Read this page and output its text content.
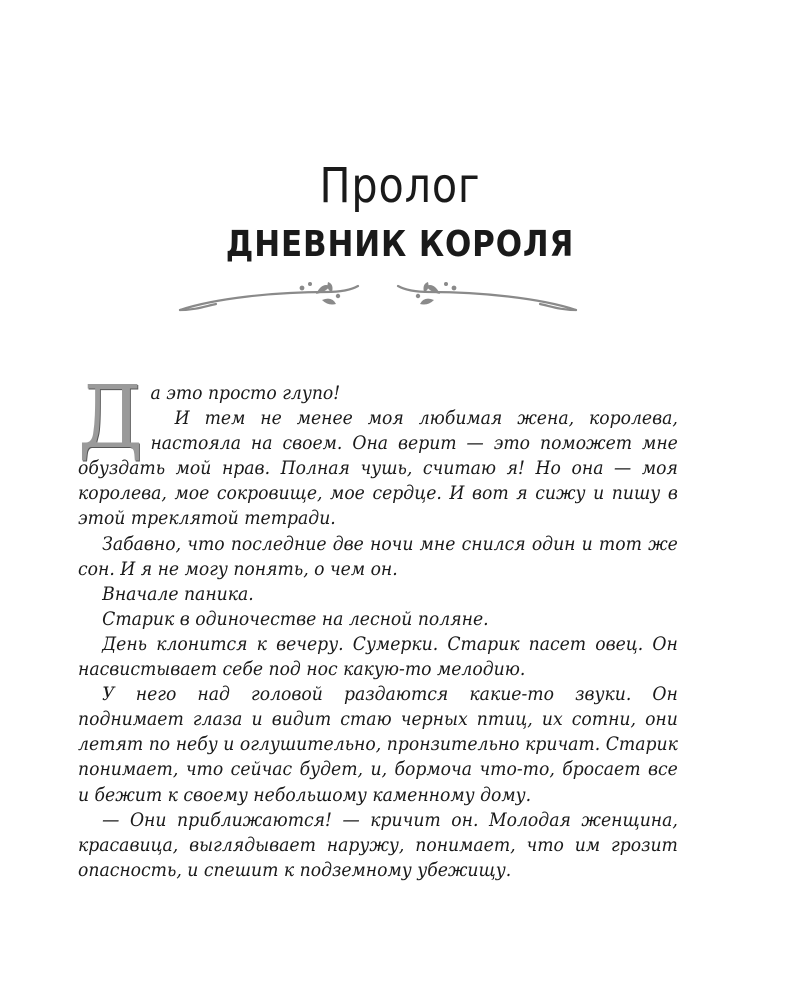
Пролог
ДНЕВНИК КОРОЛЯ

Да это просто глупо!

И тем не менее моя любимая жена, королева, настояла на своем. Она верит — это поможет мне обуздать мой нрав. Полная чушь, считаю я! Но она — моя королева, мое сокровище, мое сердце. И вот я сижу и пишу в этой треклятой тетради.

Забавно, что последние две ночи мне снился один и тот же сон. И я не могу понять, о чем он.

Вначале паника.

Старик в одиночестве на лесной поляне.

День клонится к вечеру. Сумерки. Старик пасет овец. Он насвистывает себе под нос какую-то мелодию.

У него над головой раздаются какие-то звуки. Он поднимает глаза и видит стаю черных птиц, их сотни, они летят по небу и оглушительно, пронзительно кричат. Старик понимает, что сейчас будет, и, бормоча что-то, бросает все и бежит к своему небольшому каменному дому.

— Они приближаются! — кричит он. Молодая женщина, красавица, выглядывает наружу, понимает, что им грозит опасность, и спешит к подземному убежищу.
